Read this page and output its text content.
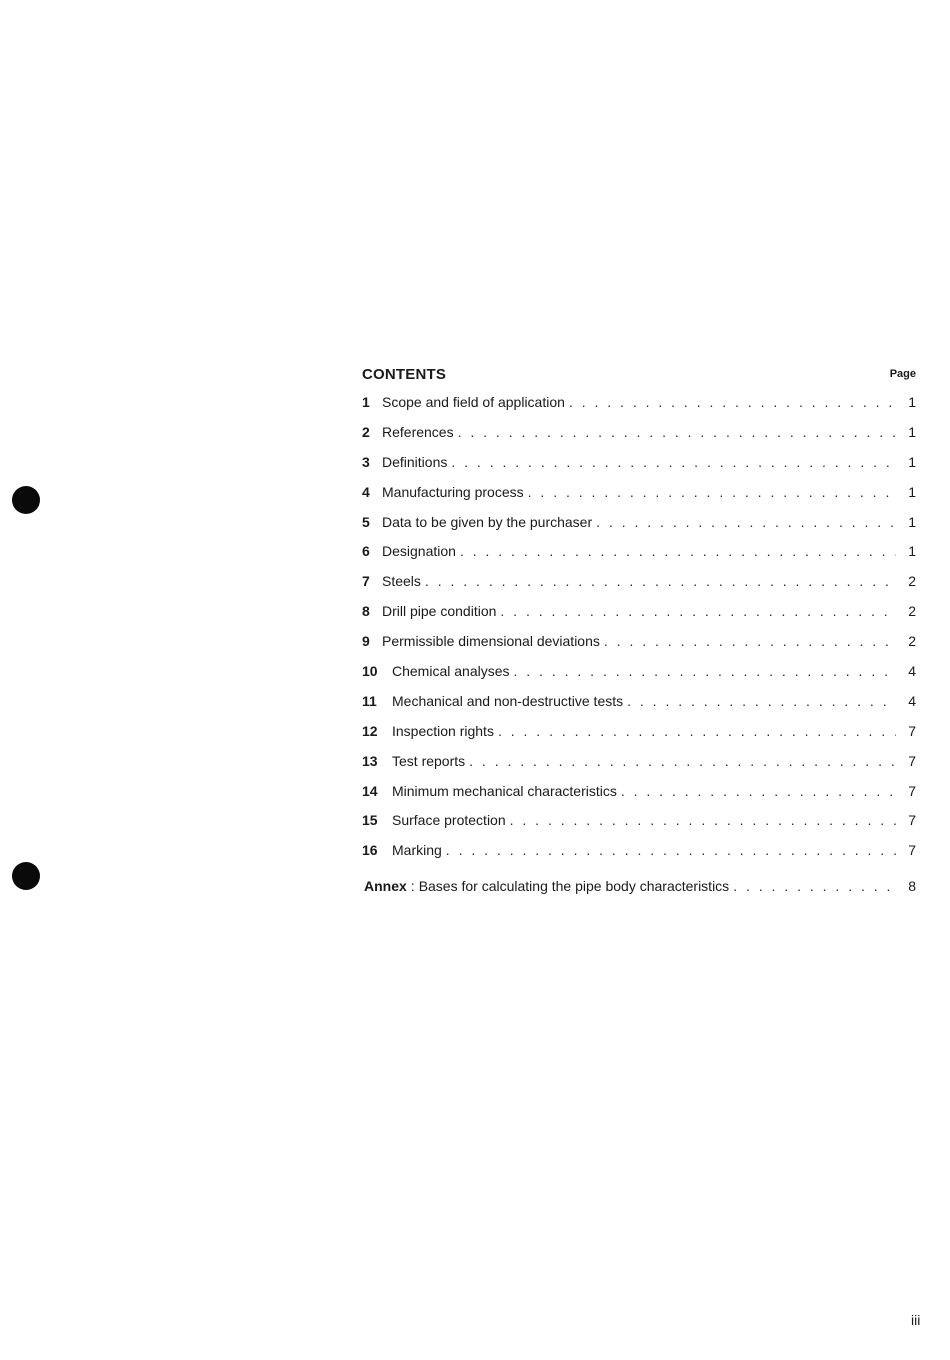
CONTENTS	Page
1 Scope and field of application . . .	1
2 References . . .	1
3 Definitions . . .	1
4 Manufacturing process . . .	1
5 Data to be given by the purchaser . . .	1
6 Designation . . .	1
7 Steels . . .	2
8 Drill pipe condition . . .	2
9 Permissible dimensional deviations . . .	2
10	Chemical analyses . . .	4
11	Mechanical and non-destructive tests . . .	4
12	Inspection rights . . .	7
13	Test reports . . .	7
14	Minimum mechanical characteristics . . .	7
15	Surface protection . . .	7
16	Marking . . .	7
Annex : Bases for calculating the pipe body characteristics . . .	8
iii
